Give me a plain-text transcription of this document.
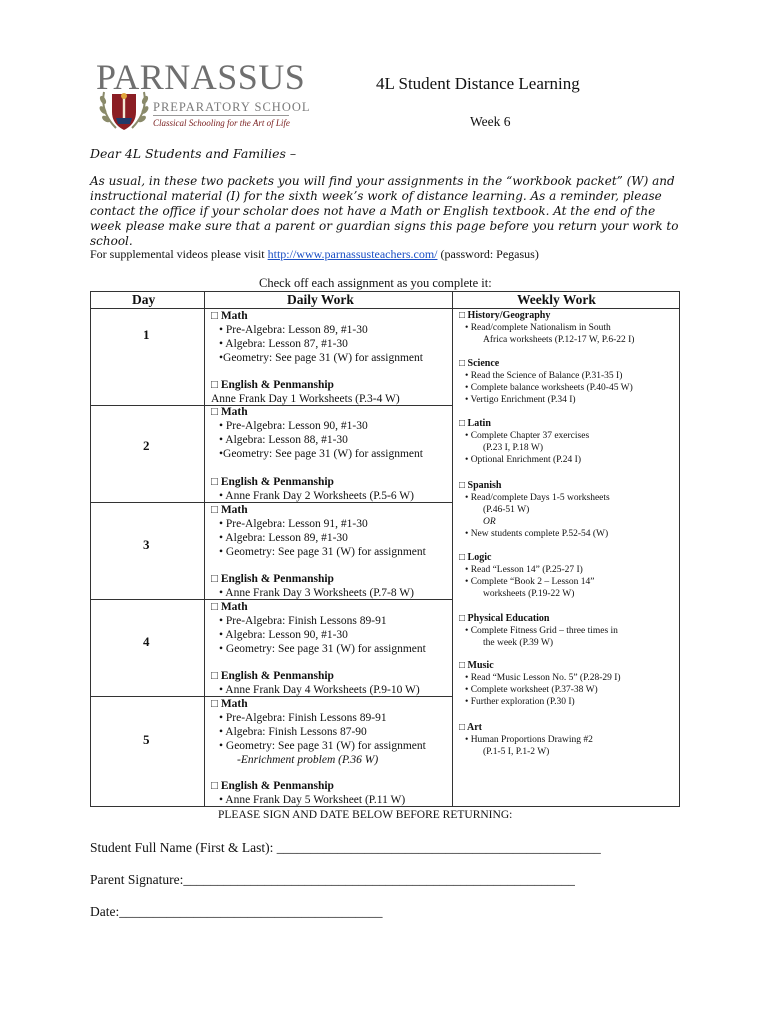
PARNASSUS
PREPARATORY SCHOOL
Classical Schooling for the Art of Life
4L Student Distance Learning
Week 6
Dear 4L Students and Families –
As usual, in these two packets you will find your assignments in the “workbook packet” (W) and instructional material (I) for the sixth week’s work of distance learning. As a reminder, please contact the office if your scholar does not have a Math or English textbook. At the end of the week please make sure that a parent or guardian signs this page before you return your work to school.
For supplemental videos please visit http://www.parnassusteachers.com/ (password: Pegasus)
Check off each assignment as you complete it:
Day	Daily Work	Weekly Work
1
2
3
4
5
□ Math
• Pre-Algebra: Lesson 89, #1-30
• Algebra: Lesson 87, #1-30
•Geometry: See page 31 (W) for assignment
□ English & Penmanship
Anne Frank Day 1 Worksheets (P.3-4 W)
□ Math
• Pre-Algebra: Lesson 90, #1-30
• Algebra: Lesson 88, #1-30
•Geometry: See page 31 (W) for assignment
□ English & Penmanship
• Anne Frank Day 2 Worksheets (P.5-6 W)
□ Math
• Pre-Algebra: Lesson 91, #1-30
• Algebra: Lesson 89, #1-30
• Geometry: See page 31 (W) for assignment
□ English & Penmanship
• Anne Frank Day 3 Worksheets (P.7-8 W)
□ Math
• Pre-Algebra: Finish Lessons 89-91
• Algebra: Lesson 90, #1-30
• Geometry: See page 31 (W) for assignment
□ English & Penmanship
• Anne Frank Day 4 Worksheets (P.9-10 W)
□ Math
• Pre-Algebra: Finish Lessons 89-91
• Algebra: Finish Lessons 87-90
• Geometry: See page 31 (W) for assignment
-Enrichment problem (P.36 W)
□ English & Penmanship
• Anne Frank Day 5 Worksheet (P.11 W)
□ History/Geography
• Read/complete Nationalism in South
Africa worksheets (P.12-17 W, P.6-22 I)
□ Science
• Read the Science of Balance (P.31-35 I)
• Complete balance worksheets (P.40-45 W)
• Vertigo Enrichment (P.34 I)
□ Latin
• Complete Chapter 37 exercises
(P.23 I, P.18 W)
• Optional Enrichment (P.24 I)
□ Spanish
• Read/complete Days 1-5 worksheets
(P.46-51 W)
OR
• New students complete P.52-54 (W)
□ Logic
• Read “Lesson 14” (P.25-27 I)
• Complete “Book 2 – Lesson 14”
worksheets (P.19-22 W)
□ Physical Education
• Complete Fitness Grid – three times in
the week (P.39 W)
□ Music
• Read “Music Lesson No. 5” (P.28-29 I)
• Complete worksheet (P.37-38 W)
• Further exploration (P.30 I)
□ Art
• Human Proportions Drawing #2
(P.1-5 I, P.1-2 W)
PLEASE SIGN AND DATE BELOW BEFORE RETURNING:
Student Full Name (First & Last): ________________________________________________
Parent Signature:__________________________________________________________
Date:_______________________________________
